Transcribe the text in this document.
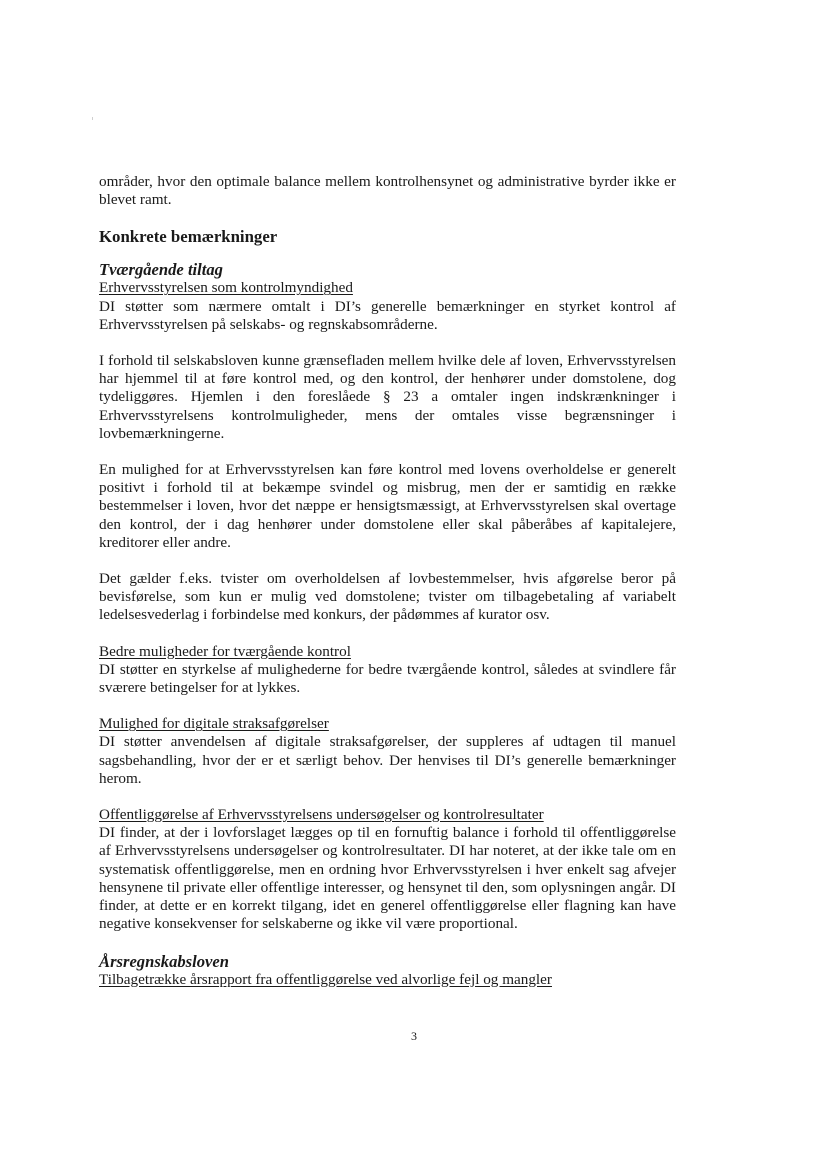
områder, hvor den optimale balance mellem kontrolhensynet og administrative byrder ikke er blevet ramt.

Konkrete bemærkninger
Tværgående tiltag
Erhvervsstyrelsen som kontrolmyndighed

DI støtter som nærmere omtalt i DI’s generelle bemærkninger en styrket kontrol af Erhvervsstyrelsen på selskabs- og regnskabsområderne.

I forhold til selskabsloven kunne grænsefladen mellem hvilke dele af loven, Erhvervsstyrelsen har hjemmel til at føre kontrol med, og den kontrol, der henhører under domstolene, dog tydeliggøres. Hjemlen i den foreslåede § 23 a omtaler ingen indskrænkninger i Erhvervsstyrelsens kontrolmuligheder, mens der omtales visse begrænsninger i lovbemærkningerne.

En mulighed for at Erhvervsstyrelsen kan føre kontrol med lovens overholdelse er generelt positivt i forhold til at bekæmpe svindel og misbrug, men der er samtidig en række bestemmelser i loven, hvor det næppe er hensigtsmæssigt, at Erhvervsstyrelsen skal overtage den kontrol, der i dag henhører under domstolene eller skal påberåbes af kapitalejere, kreditorer eller andre.

Det gælder f.eks. tvister om overholdelsen af lovbestemmelser, hvis afgørelse beror på bevisførelse, som kun er mulig ved domstolene; tvister om tilbagebetaling af variabelt ledelsesvederlag i forbindelse med konkurs, der pådømmes af kurator osv.

Bedre muligheder for tværgående kontrol

DI støtter en styrkelse af mulighederne for bedre tværgående kontrol, således at svindlere får sværere betingelser for at lykkes.

Mulighed for digitale straksafgørelser

DI støtter anvendelsen af digitale straksafgørelser, der suppleres af udtagen til manuel sagsbehandling, hvor der er et særligt behov. Der henvises til DI’s generelle bemærkninger herom.

Offentliggørelse af Erhvervsstyrelsens undersøgelser og kontrolresultater

DI finder, at der i lovforslaget lægges op til en fornuftig balance i forhold til offentliggørelse af Erhvervsstyrelsens undersøgelser og kontrolresultater. DI har noteret, at der ikke tale om en systematisk offentliggørelse, men en ordning hvor Erhvervsstyrelsen i hver enkelt sag afvejer hensynene til private eller offentlige interesser, og hensynet til den, som oplysningen angår. DI finder, at dette er en korrekt tilgang, idet en generel offentliggørelse eller flagning kan have negative konsekvenser for selskaberne og ikke vil være proportional.

Årsregnskabsloven
Tilbagetrække årsrapport fra offentliggørelse ved alvorlige fejl og mangler
3
